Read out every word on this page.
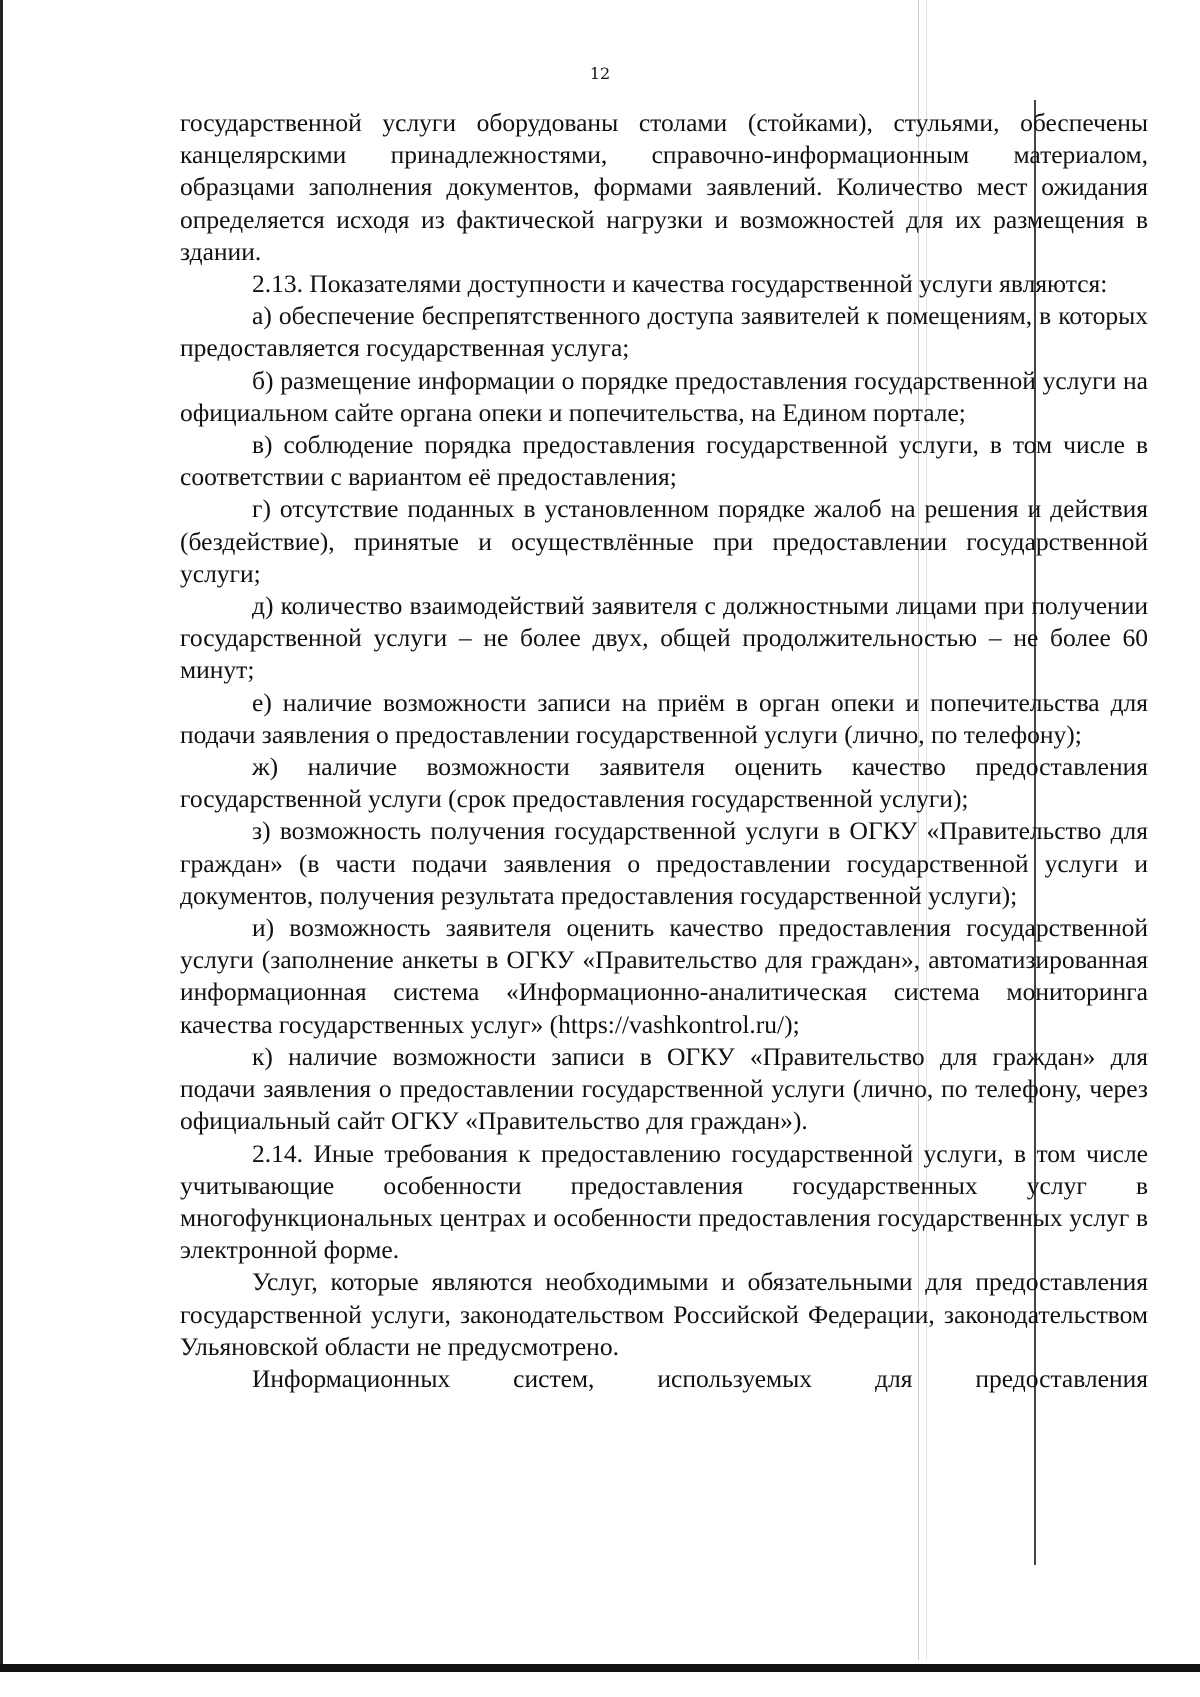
12

государственной услуги оборудованы столами (стойками), стульями, обеспечены канцелярскими принадлежностями, справочно-информационным материалом, образцами заполнения документов, формами заявлений. Количество мест ожидания определяется исходя из фактической нагрузки и возможностей для их размещения в здании.

2.13. Показателями доступности и качества государственной услуги являются:

а) обеспечение беспрепятственного доступа заявителей к помещениям, в которых предоставляется государственная услуга;

б) размещение информации о порядке предоставления государственной услуги на официальном сайте органа опеки и попечительства, на Едином портале;

в) соблюдение порядка предоставления государственной услуги, в том числе в соответствии с вариантом её предоставления;

г) отсутствие поданных в установленном порядке жалоб на решения и действия (бездействие), принятые и осуществлённые при предоставлении государственной услуги;

д) количество взаимодействий заявителя с должностными лицами при получении государственной услуги – не более двух, общей продолжительностью – не более 60 минут;

е) наличие возможности записи на приём в орган опеки и попечительства для подачи заявления о предоставлении государственной услуги (лично, по телефону);

ж) наличие возможности заявителя оценить качество предоставления государственной услуги (срок предоставления государственной услуги);

з) возможность получения государственной услуги в ОГКУ «Правительство для граждан» (в части подачи заявления о предоставлении государственной услуги и документов, получения результата предоставления государственной услуги);

и) возможность заявителя оценить качество предоставления государственной услуги (заполнение анкеты в ОГКУ «Правительство для граждан», автоматизированная информационная система «Информационно-аналитическая система мониторинга качества государственных услуг» (https://vashkontrol.ru/);

к) наличие возможности записи в ОГКУ «Правительство для граждан» для подачи заявления о предоставлении государственной услуги (лично, по телефону, через официальный сайт ОГКУ «Правительство для граждан»).

2.14. Иные требования к предоставлению государственной услуги, в том числе учитывающие особенности предоставления государственных услуг в многофункциональных центрах и особенности предоставления государственных услуг в электронной форме.

Услуг, которые являются необходимыми и обязательными для предоставления государственной услуги, законодательством Российской Федерации, законодательством Ульяновской области не предусмотрено.

Информационных систем, используемых для предоставления
